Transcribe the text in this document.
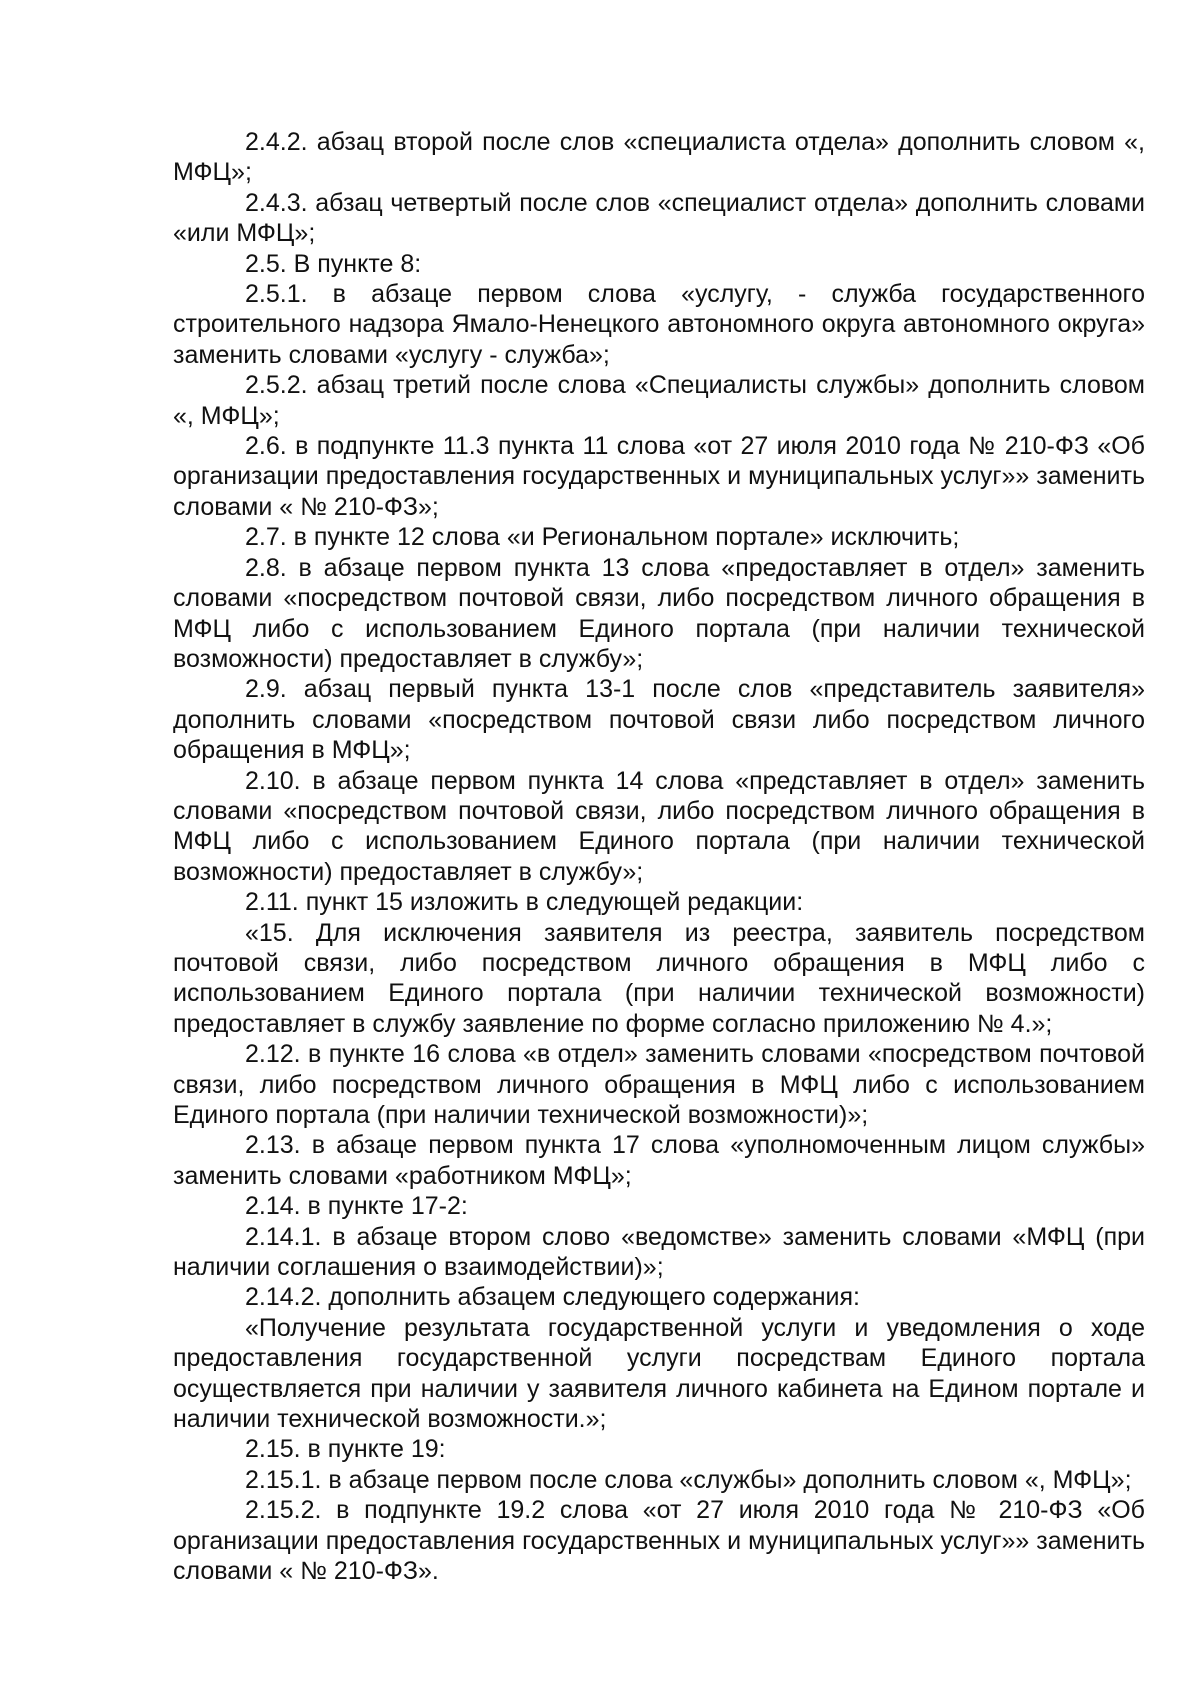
2.4.2. абзац второй после слов «специалиста отдела» дополнить словом «, МФЦ»;

2.4.3. абзац четвертый после слов «специалист отдела» дополнить словами «или МФЦ»;

2.5. В пункте 8:

2.5.1. в абзаце первом слова «услугу, - служба государственного строительного надзора Ямало-Ненецкого автономного округа автономного округа» заменить словами «услугу - служба»;

2.5.2. абзац третий после слова «Специалисты службы» дополнить словом «, МФЦ»;

2.6. в подпункте 11.3 пункта 11 слова «от 27 июля 2010 года № 210-ФЗ «Об организации предоставления государственных и муниципальных услуг»» заменить словами « № 210-ФЗ»;

2.7. в пункте 12 слова «и Региональном портале» исключить;

2.8. в абзаце первом пункта 13 слова «предоставляет в отдел» заменить словами «посредством почтовой связи, либо посредством личного обращения в МФЦ либо с использованием Единого портала (при наличии технической возможности) предоставляет в службу»;

2.9. абзац первый пункта 13-1 после слов «представитель заявителя» дополнить словами «посредством почтовой связи либо посредством личного обращения в МФЦ»;

2.10. в абзаце первом пункта 14 слова «представляет в отдел» заменить словами «посредством почтовой связи, либо посредством личного обращения в МФЦ либо с использованием Единого портала (при наличии технической возможности) предоставляет в службу»;

2.11. пункт 15 изложить в следующей редакции:

«15. Для исключения заявителя из реестра, заявитель посредством почтовой связи, либо посредством личного обращения в МФЦ либо с использованием Единого портала (при наличии технической возможности) предоставляет в службу заявление по форме согласно приложению № 4.»;

2.12. в пункте 16 слова «в отдел» заменить словами «посредством почтовой связи, либо посредством личного обращения в МФЦ либо с использованием Единого портала (при наличии технической возможности)»;

2.13. в абзаце первом пункта 17 слова «уполномоченным лицом службы» заменить словами «работником МФЦ»;

2.14. в пункте 17-2:

2.14.1. в абзаце втором слово «ведомстве» заменить словами «МФЦ (при наличии соглашения о взаимодействии)»;

2.14.2. дополнить абзацем следующего содержания:

«Получение результата государственной услуги и уведомления о ходе предоставления государственной услуги посредствам Единого портала осуществляется при наличии у заявителя личного кабинета на Едином портале и наличии технической возможности.»;

2.15. в пункте 19:

2.15.1. в абзаце первом после слова «службы» дополнить словом «, МФЦ»;

2.15.2. в подпункте 19.2 слова «от 27 июля 2010 года № 210-ФЗ «Об организации предоставления государственных и муниципальных услуг»» заменить словами « № 210-ФЗ».
